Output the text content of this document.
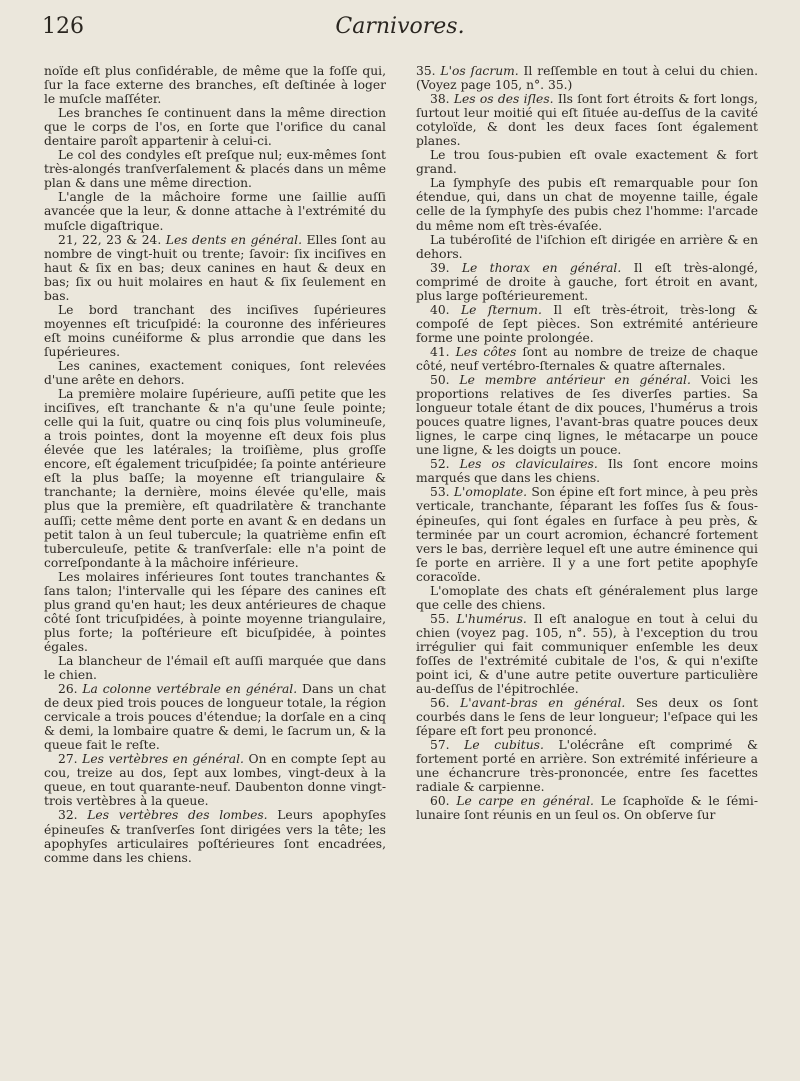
126	Carnivores.

noïde eſt plus conſidérable, de même que la foſſe qui, ſur la face externe des branches, eſt deſtinée à loger le muſcle maſſéter.

Les branches ſe continuent dans la même direction que le corps de l'os, en ſorte que l'orifice du canal dentaire paroît appartenir à celui-ci.

Le col des condyles eſt preſque nul; eux-mêmes ſont très-alongés tranſverſalement & placés dans un même plan & dans une même direction.

L'angle de la mâchoire forme une ſaillie auſſi avancée que la leur, & donne attache à l'extrémité du muſcle digaſtrique.

21, 22, 23 & 24. Les dents en général. Elles ſont au nombre de vingt-huit ou trente; ſavoir: ſix inciſives en haut & ſix en bas; deux canines en haut & deux en bas; ſix ou huit molaires en haut & ſix ſeulement en bas.

Le bord tranchant des inciſives ſupérieures moyennes eſt tricuſpidé: la couronne des inférieures eſt moins cunéiforme & plus arrondie que dans les ſupérieures.

Les canines, exactement coniques, ſont relevées d'une arête en dehors.

La première molaire ſupérieure, auſſi petite que les inciſives, eſt tranchante & n'a qu'une ſeule pointe; celle qui la ſuit, quatre ou cinq fois plus volumineuſe, a trois pointes, dont la moyenne eſt deux fois plus élevée que les latérales; la troiſième, plus groſſe encore, eſt également tricuſpidée; ſa pointe antérieure eſt la plus baſſe; la moyenne eſt triangulaire & tranchante; la dernière, moins élevée qu'elle, mais plus que la première, eſt quadrilatère & tranchante auſſi; cette même dent porte en avant & en dedans un petit talon à un ſeul tubercule; la quatrième enfin eſt tuberculeuſe, petite & tranſverſale: elle n'a point de correſpondante à la mâchoire inférieure.

Les molaires inférieures ſont toutes tranchantes & ſans talon; l'intervalle qui les ſépare des canines eſt plus grand qu'en haut; les deux antérieures de chaque côté ſont tricuſpidées, à pointe moyenne triangulaire, plus forte; la poſtérieure eſt bicuſpidée, à pointes égales.

La blancheur de l'émail eſt auſſi marquée que dans le chien.

26. La colonne vertébrale en général. Dans un chat de deux pied trois pouces de longueur totale, la région cervicale a trois pouces d'étendue; la dorſale en a cinq & demi, la lombaire quatre & demi, le ſacrum un, & la queue fait le reſte.

27. Les vertèbres en général. On en compte ſept au cou, treize au dos, ſept aux lombes, vingt-deux à la queue, en tout quarante-neuf. Daubenton donne vingt-trois vertèbres à la queue.

32. Les vertèbres des lombes. Leurs apophyſes épineuſes & tranſverſes ſont dirigées vers la tête; les apophyſes articulaires poſtérieures ſont encadrées, comme dans les chiens.

35. L'os ſacrum. Il reſſemble en tout à celui du chien. (Voyez page 105, n°. 35.)

38. Les os des iſles. Ils ſont fort étroits & fort longs, ſurtout leur moitié qui eſt ſituée au-deſſus de la cavité cotyloïde, & dont les deux faces ſont également planes.

Le trou ſous-pubien eſt ovale exactement & fort grand.

La ſymphyſe des pubis eſt remarquable pour ſon étendue, qui, dans un chat de moyenne taille, égale celle de la ſymphyſe des pubis chez l'homme: l'arcade du même nom eſt très-évaſée.

La tubéroſité de l'iſchion eſt dirigée en arrière & en dehors.

39. Le thorax en général. Il eſt très-alongé, comprimé de droite à gauche, fort étroit en avant, plus large poſtérieurement.

40. Le ſternum. Il eſt très-étroit, très-long & compoſé de ſept pièces. Son extrémité antérieure forme une pointe prolongée.

41. Les côtes ſont au nombre de treize de chaque côté, neuf vertébro-ſternales & quatre aſternales.

50. Le membre antérieur en général. Voici les proportions relatives de ſes diverſes parties. Sa longueur totale étant de dix pouces, l'humérus a trois pouces quatre lignes, l'avant-bras quatre pouces deux lignes, le carpe cinq lignes, le métacarpe un pouce une ligne, & les doigts un pouce.

52. Les os claviculaires. Ils ſont encore moins marqués que dans les chiens.

53. L'omoplate. Son épine eſt fort mince, à peu près verticale, tranchante, ſéparant les foſſes ſus & ſous-épineuſes, qui ſont égales en ſurface à peu près, & terminée par un court acromion, échancré fortement vers le bas, derrière lequel eſt une autre éminence qui ſe porte en arrière. Il y a une fort petite apophyſe coracoïde.

L'omoplate des chats eſt généralement plus large que celle des chiens.

55. L'humérus. Il eſt analogue en tout à celui du chien (voyez pag. 105, n°. 55), à l'exception du trou irrégulier qui fait communiquer enſemble les deux foſſes de l'extrémité cubitale de l'os, & qui n'exiſte point ici, & d'une autre petite ouverture particulière au-deſſus de l'épitrochlée.

56. L'avant-bras en général. Ses deux os ſont courbés dans le ſens de leur longueur; l'eſpace qui les ſépare eſt fort peu prononcé.

57. Le cubitus. L'olécrâne eſt comprimé & fortement porté en arrière. Son extrémité inférieure a une échancrure très-prononcée, entre ſes facettes radiale & carpienne.

60. Le carpe en général. Le ſcaphoïde & le ſémi-lunaire ſont réunis en un ſeul os. On obſerve ſur
